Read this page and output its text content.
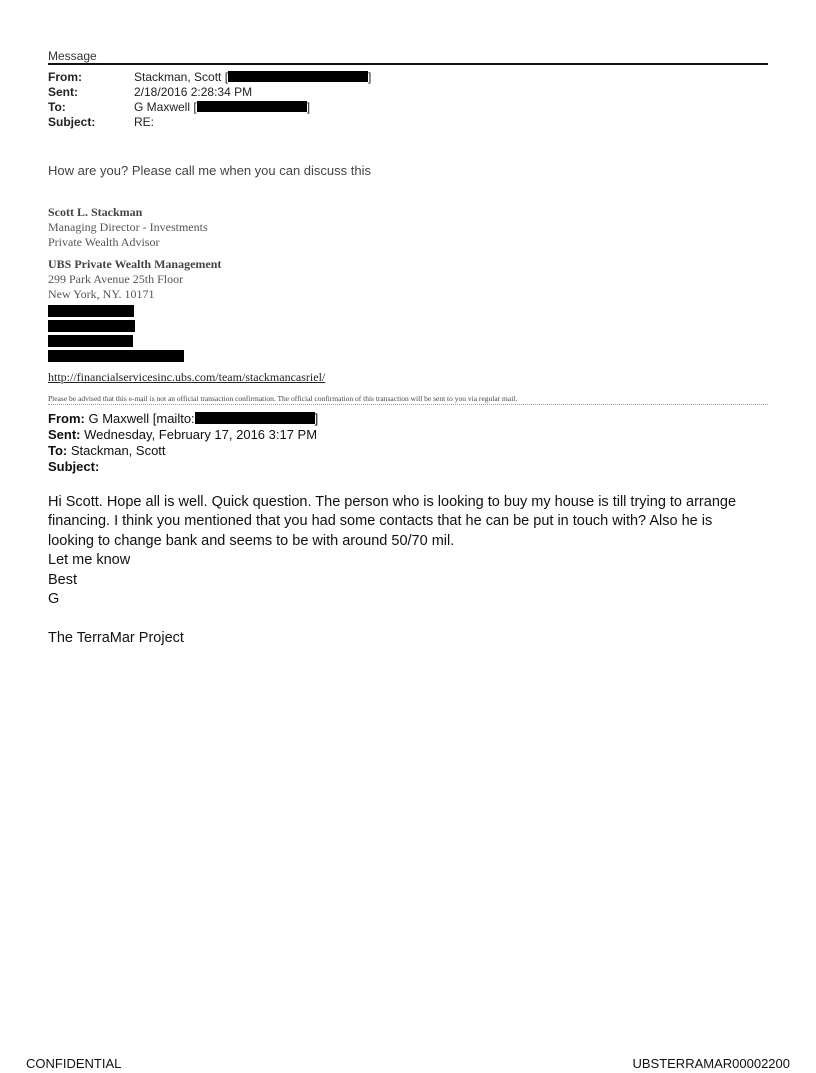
Message
From:	Stackman, Scott [	]
Sent:	2/18/2016 2:28:34 PM
To:	G Maxwell [	]
Subject:	RE:
How are you? Please call me when you can discuss this
Scott L. Stackman
Managing Director - Investments
Private Wealth Advisor
UBS Private Wealth Management
299 Park Avenue 25th Floor
New York, NY. 10171
http://financialservicesinc.ubs.com/team/stackmancasriel/
Please be advised that this e-mail is not an official transaction confirmation. The official confirmation of this transaction will be sent to you via regular mail.
From: G Maxwell [mailto:	]
Sent: Wednesday, February 17, 2016 3:17 PM
To: Stackman, Scott
Subject:
Hi Scott. Hope all is well. Quick question. The person who is looking to buy my house is till trying to arrange
financing. I think you mentioned that you had some contacts that he can be put in touch with? Also he is
looking to change bank and seems to be with around 50/70 mil.
Let me know
Best
G
The TerraMar Project
CONFIDENTIAL	UBSTERRAMAR00002200
